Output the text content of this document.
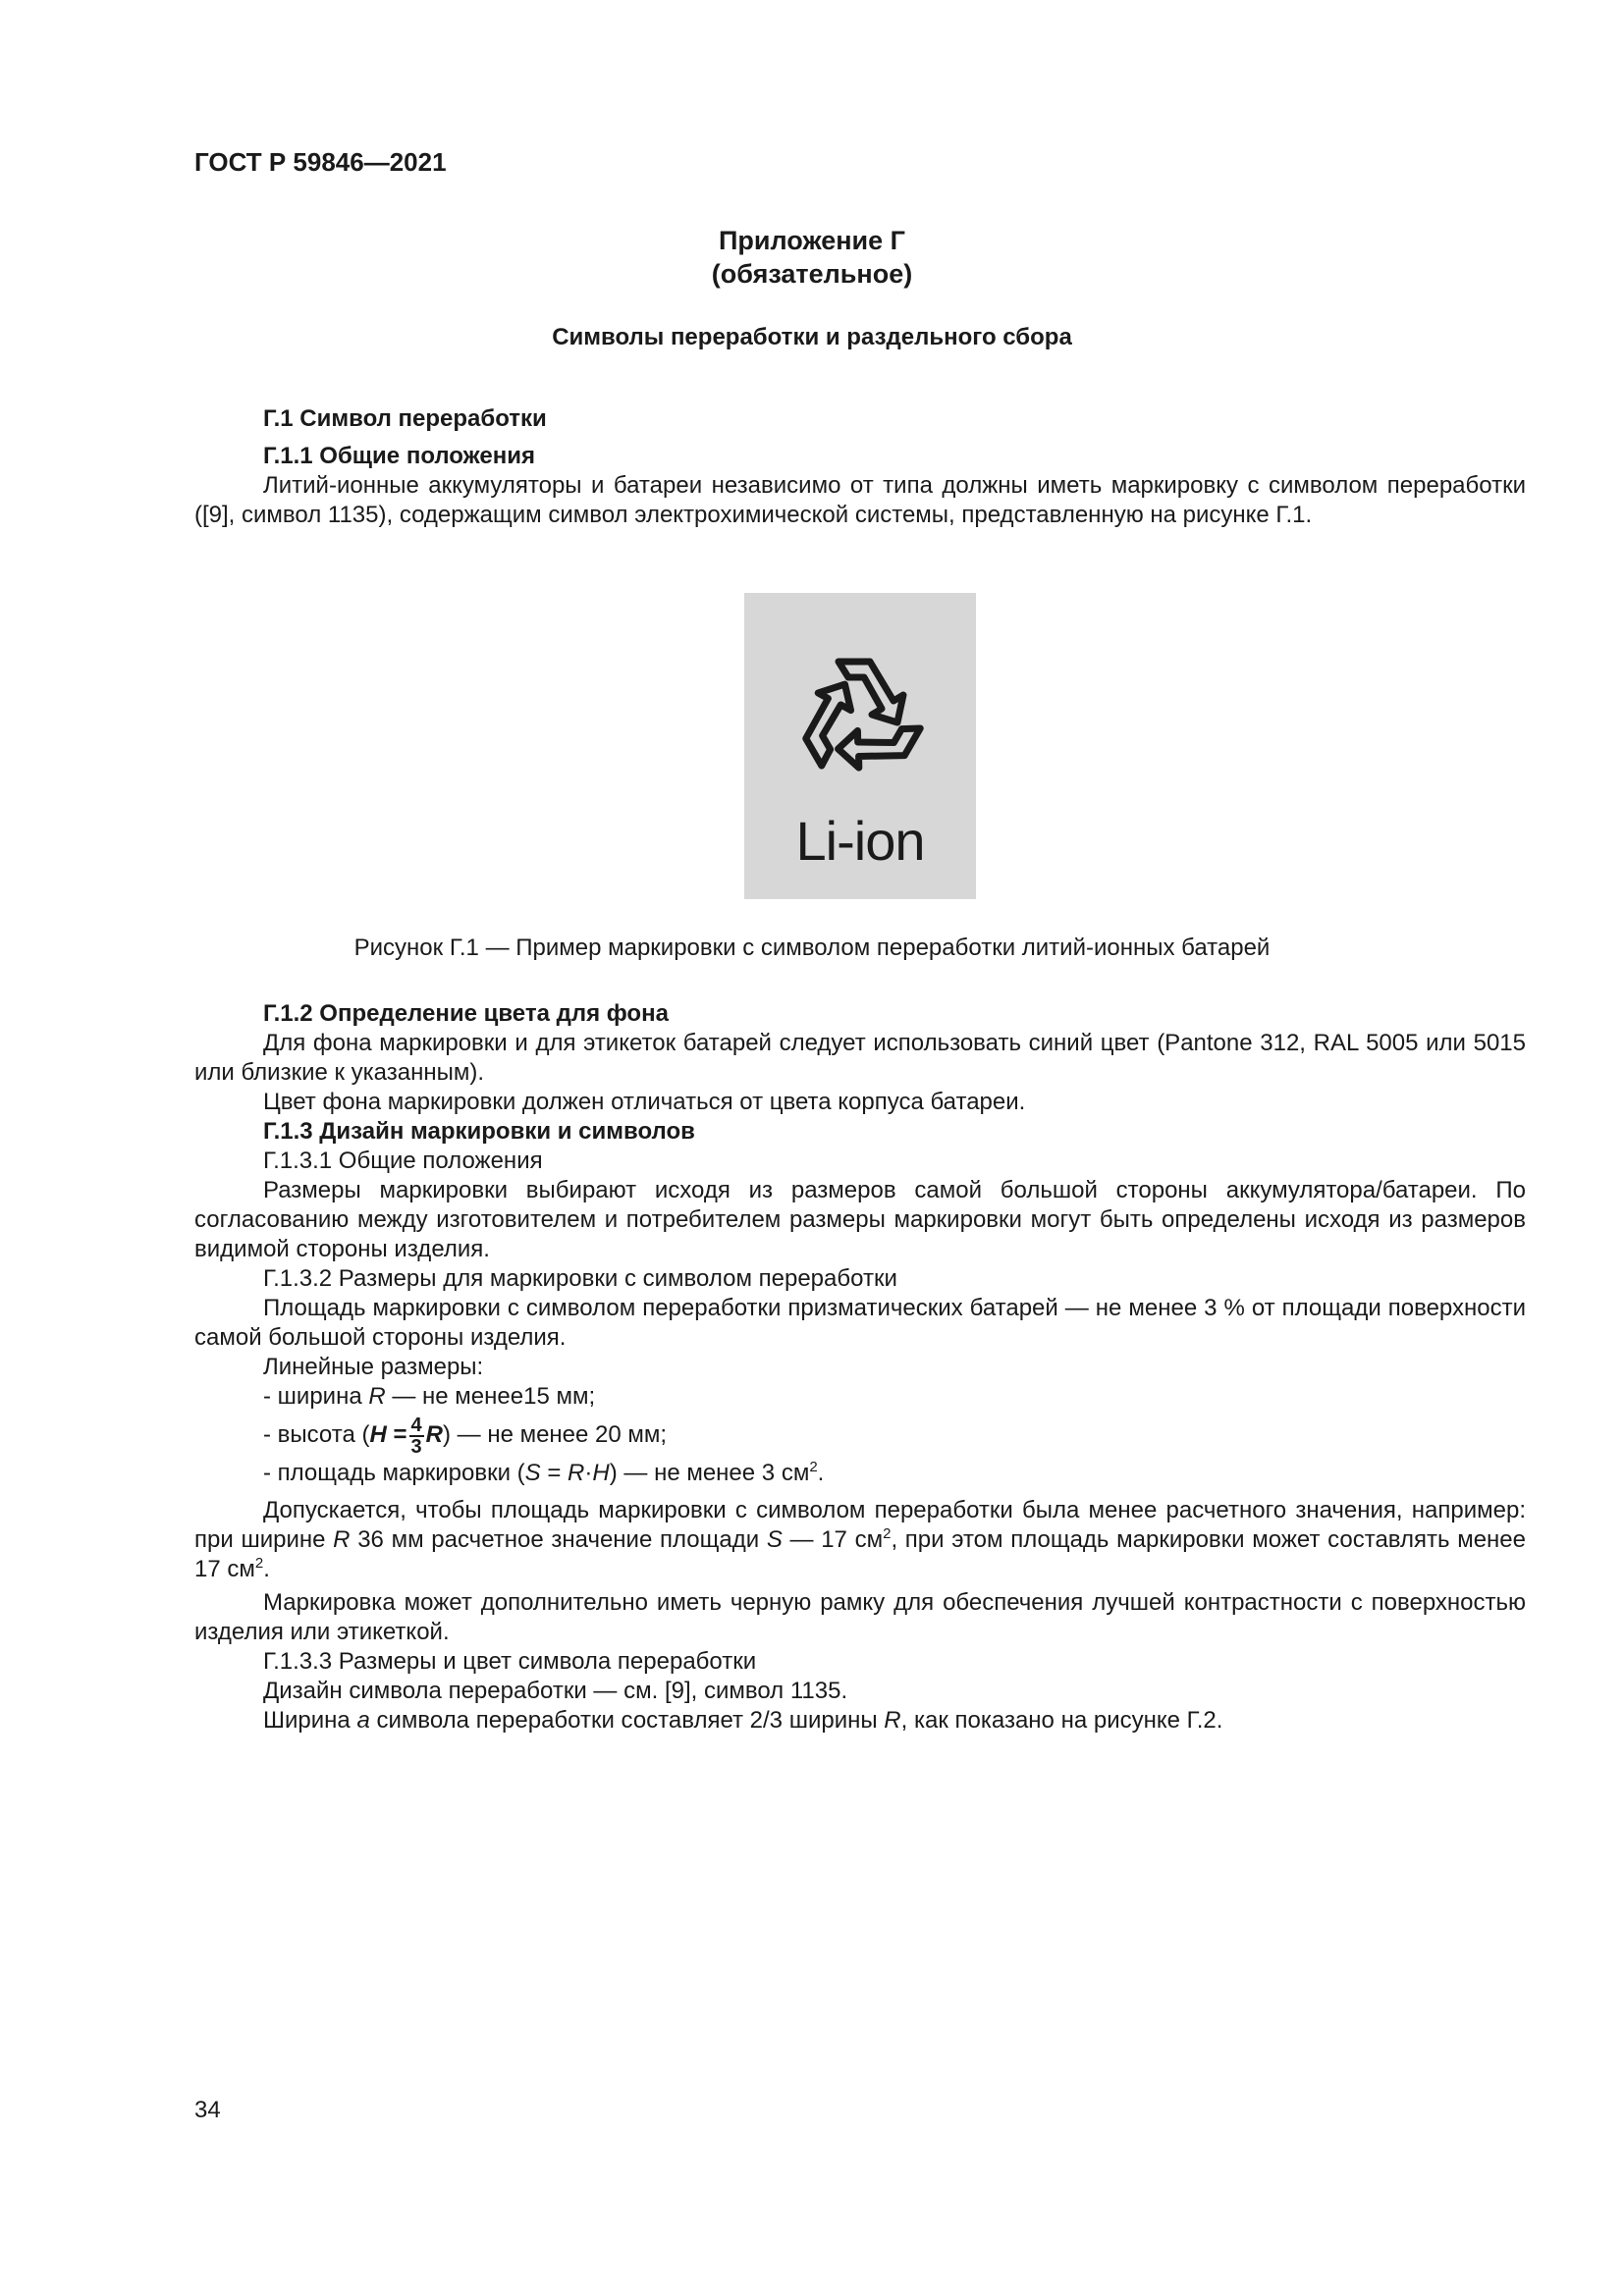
ГОСТ Р 59846—2021
Приложение Г
(обязательное)
Символы переработки и раздельного сбора
Г.1 Символ переработки
Г.1.1 Общие положения
Литий-ионные аккумуляторы и батареи независимо от типа должны иметь маркировку с символом переработки ([9], символ 1135), содержащим символ электрохимической системы, представленную на рисунке Г.1.
Li-ion
Рисунок Г.1 — Пример маркировки с символом переработки литий-ионных батарей
Г.1.2 Определение цвета для фона
Для фона маркировки и для этикеток батарей следует использовать синий цвет (Pantone 312, RAL 5005 или 5015 или близкие к указанным).
Цвет фона маркировки должен отличаться от цвета корпуса батареи.
Г.1.3 Дизайн маркировки и символов
Г.1.3.1 Общие положения
Размеры маркировки выбирают исходя из размеров самой большой стороны аккумулятора/батареи. По согласованию между изготовителем и потребителем размеры маркировки могут быть определены исходя из размеров видимой стороны изделия.
Г.1.3.2 Размеры для маркировки с символом переработки
Площадь маркировки с символом переработки призматических батарей — не менее 3 % от площади поверхности самой большой стороны изделия.
Линейные размеры:
- ширина R — не менее15 мм;
- высота $(H = \frac{4}{3} R)$ — не менее 20 мм;
- площадь маркировки (S = R·H) — не менее 3 $см^2$.
Допускается, чтобы площадь маркировки с символом переработки была менее расчетного значения, например: при ширине R 36 мм расчетное значение площади S — 17 $см^2$, при этом площадь маркировки может составлять менее 17 $см^2$.
Маркировка может дополнительно иметь черную рамку для обеспечения лучшей контрастности с поверхностью изделия или этикеткой.
Г.1.3.3 Размеры и цвет символа переработки
Дизайн символа переработки — см. [9], символ 1135.
Ширина a символа переработки составляет 2/3 ширины R, как показано на рисунке Г.2.
34
